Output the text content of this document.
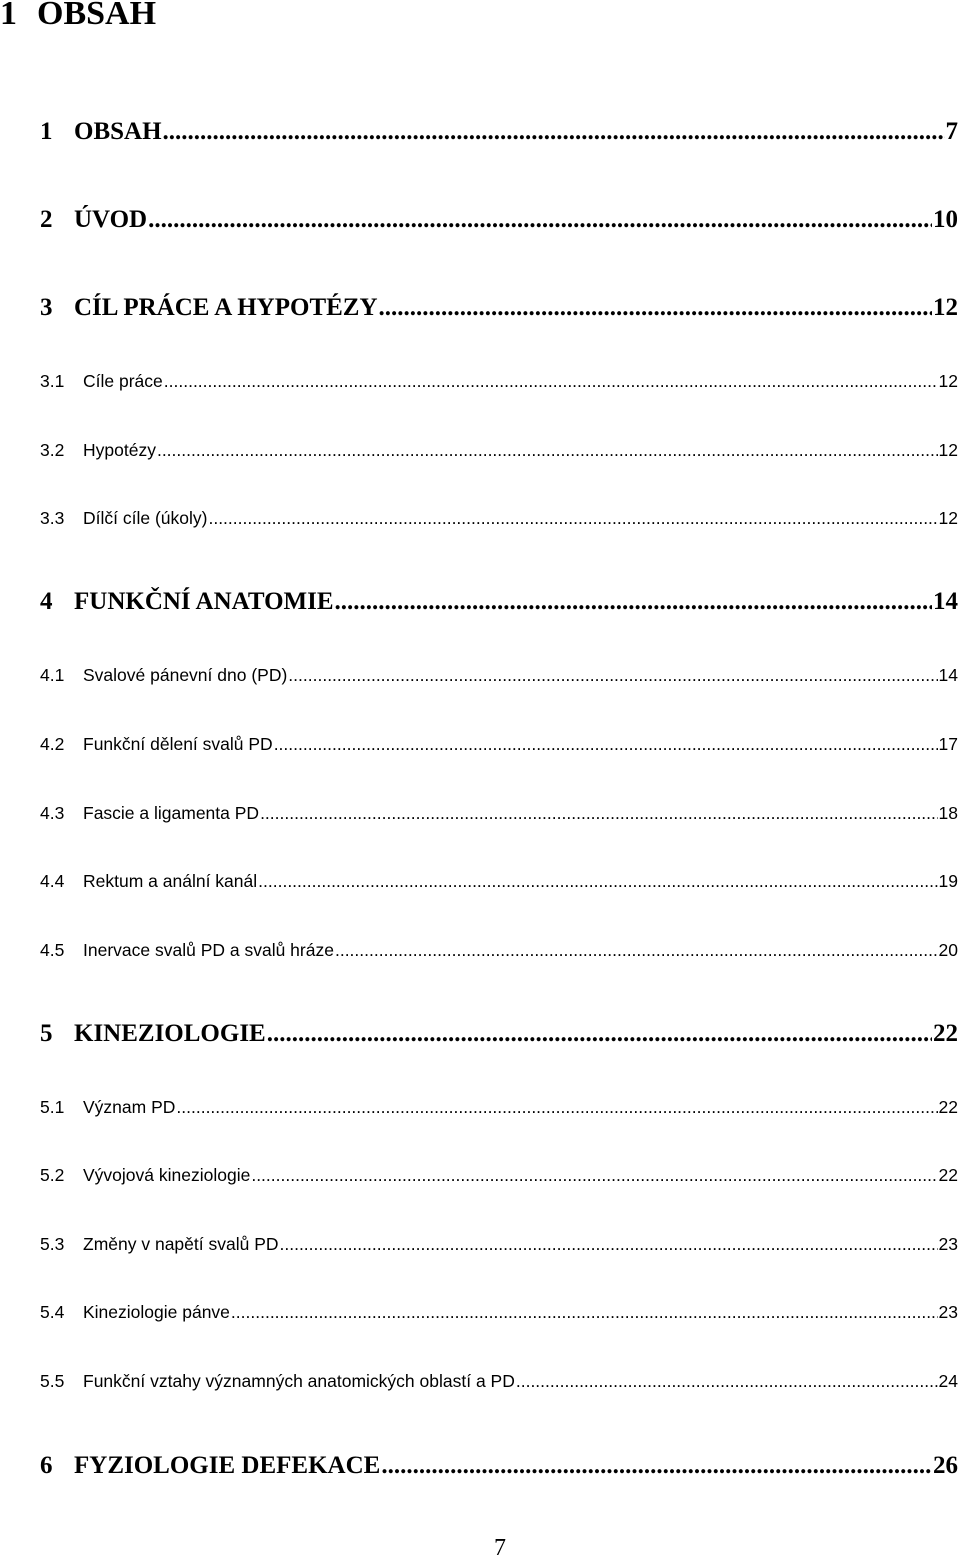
1 OBSAH
1 OBSAH .....	7
2 ÚVOD .....	10
3 CÍL PRÁCE A HYPOTÉZY .....	12
3.1	Cíle práce .....	12
3.2	Hypotézy .....	12
3.3	Dílčí cíle (úkoly) .....	12
4 FUNKČNÍ ANATOMIE .....	14
4.1	Svalové pánevní dno (PD) .....	14
4.2	Funkční dělení svalů PD .....	17
4.3	Fascie a ligamenta PD .....	18
4.4	Rektum a anální kanál .....	19
4.5	Inervace svalů PD a svalů hráze .....	20
5 KINEZIOLOGIE .....	22
5.1	Význam PD .....	22
5.2	Vývojová kineziologie .....	22
5.3	Změny v napětí svalů PD .....	23
5.4	Kineziologie pánve .....	23
5.5	Funkční vztahy významných anatomických oblastí a PD .....	24
6 FYZIOLOGIE DEFEKACE .....	26
7
